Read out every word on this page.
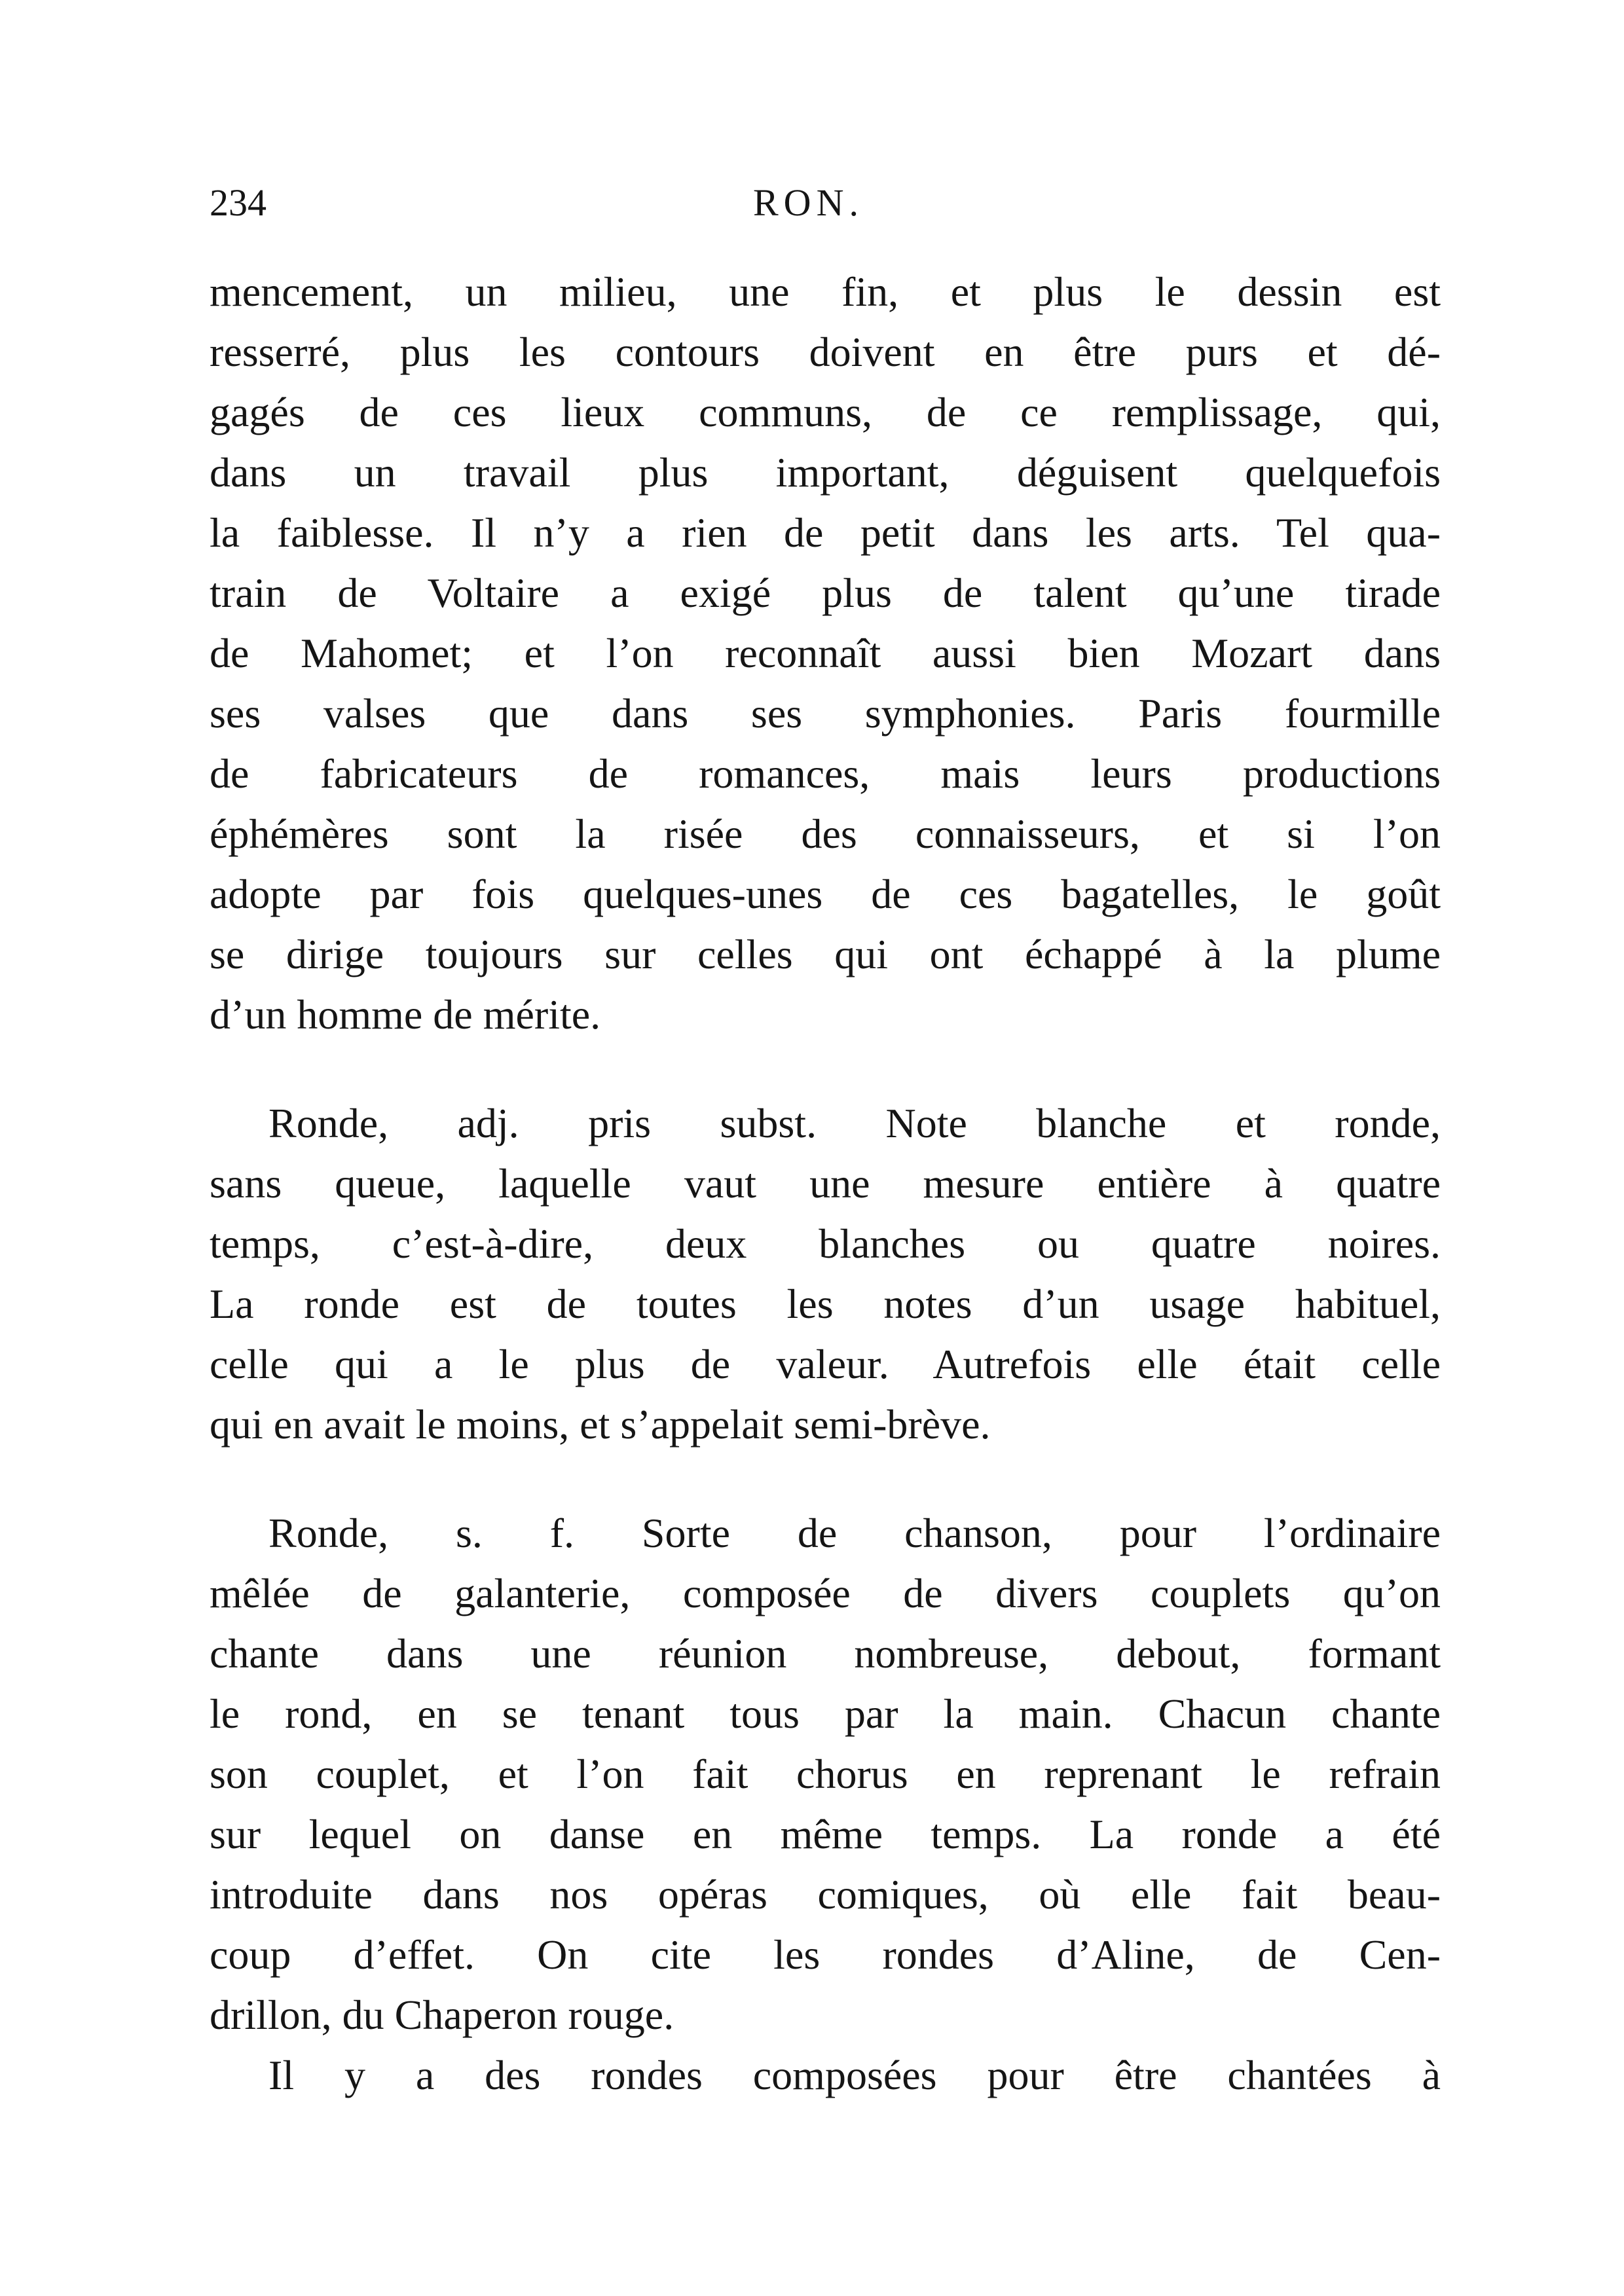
234	RON.
mencement, un milieu, une fin, et plus le dessin est
resserré, plus les contours doivent en être purs et dé-
gagés de ces lieux communs, de ce remplissage, qui,
dans un travail plus important, déguisent quelquefois
la faiblesse. Il n’y a rien de petit dans les arts. Tel qua-
train de Voltaire a exigé plus de talent qu’une tirade
de Mahomet; et l’on reconnaît aussi bien Mozart dans
ses valses que dans ses symphonies. Paris fourmille
de fabricateurs de romances, mais leurs productions
éphémères sont la risée des connaisseurs, et si l’on
adopte par fois quelques-unes de ces bagatelles, le goût
se dirige toujours sur celles qui ont échappé à la plume
d’un homme de mérite.
Ronde, adj. pris subst. Note blanche et ronde,
sans queue, laquelle vaut une mesure entière à quatre
temps, c’est-à-dire, deux blanches ou quatre noires.
La ronde est de toutes les notes d’un usage habituel,
celle qui a le plus de valeur. Autrefois elle était celle
qui en avait le moins, et s’appelait semi-brève.
Ronde, s. f. Sorte de chanson, pour l’ordinaire
mêlée de galanterie, composée de divers couplets qu’on
chante dans une réunion nombreuse, debout, formant
le rond, en se tenant tous par la main. Chacun chante
son couplet, et l’on fait chorus en reprenant le refrain
sur lequel on danse en même temps. La ronde a été
introduite dans nos opéras comiques, où elle fait beau-
coup d’effet. On cite les rondes d’Aline, de Cen-
drillon, du Chaperon rouge.
Il y a des rondes composées pour être chantées à
